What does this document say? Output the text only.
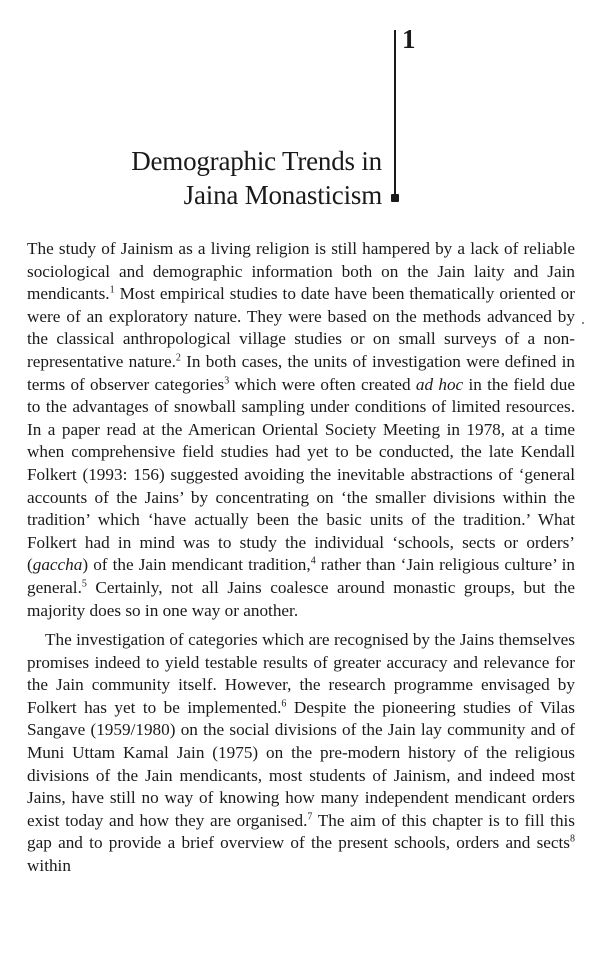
1
Demographic Trends in
Jaina Monasticism

The study of Jainism as a living religion is still hampered by a lack of reliable sociological and demographic information both on the Jain laity and Jain mendicants.$^1$ Most empirical studies to date have been thematically oriented or were of an exploratory nature. They were based on the methods advanced by the classical anthropological village studies or on small surveys of a non-representative nature.$^2$ In both cases, the units of investigation were defined in terms of observer categories$^3$ which were often created ad hoc in the field due to the advantages of snowball sampling under conditions of limited resources. In a paper read at the American Oriental Society Meeting in 1978, at a time when comprehensive field studies had yet to be conducted, the late Kendall Folkert (1993: 156) suggested avoiding the inevitable abstractions of ‘general accounts of the Jains’ by concentrating on ‘the smaller divisions within the tradition’ which ‘have actually been the basic units of the tradition.’ What Folkert had in mind was to study the individual ‘schools, sects or orders’ (gaccha) of the Jain mendicant tradition,$^4$ rather than ‘Jain religious culture’ in general.$^5$ Certainly, not all Jains coalesce around monastic groups, but the majority does so in one way or another.

The investigation of categories which are recognised by the Jains themselves promises indeed to yield testable results of greater accuracy and relevance for the Jain community itself. However, the research programme envisaged by Folkert has yet to be implemented.$^6$ Despite the pioneering studies of Vilas Sangave (1959/1980) on the social divisions of the Jain lay community and of Muni Uttam Kamal Jain (1975) on the pre-modern history of the religious divisions of the Jain mendicants, most students of Jainism, and indeed most Jains, have still no way of knowing how many independent mendicant orders exist today and how they are organised.$^7$ The aim of this chapter is to fill this gap and to provide a brief overview of the present schools, orders and sects$^8$ within
